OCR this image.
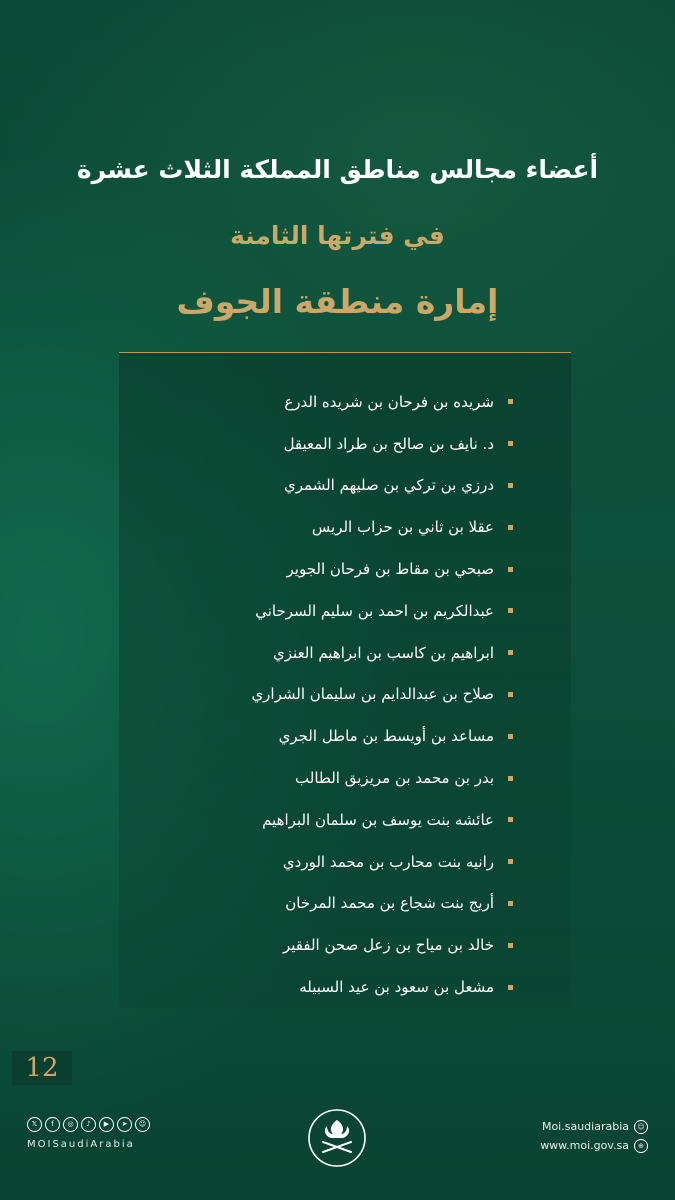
أعضاء مجالس مناطق المملكة الثلاث عشرة
في فترتها الثامنة
إمارة منطقة الجوف
شريده بن فرحان بن شريده الدرع
د. نايف بن صالح بن طراد المعيقل
درزي بن تركي بن صليهم الشمري
عقلا بن ثاني بن حزاب الريس
صبحي بن مقاط بن فرحان الجوير
عبدالكريم بن احمد بن سليم السرحاني
ابراهيم بن كاسب بن ابراهيم العنزي
صلاح بن عبدالدايم بن سليمان الشراري
مساعد بن أويسط بن ماطل الجري
بدر بن محمد بن مريزيق الطالب
عائشه بنت يوسف بن سلمان البراهيم
رانيه بنت محارب بن محمد الوردي
أريج بنت شجاع بن محمد المرخان
خالد بن مياح بن زعل صحن الفقير
مشعل بن سعود بن عيد السبيله
12
𝕏	f	◎	♪	▶	➤	☺
MOISaudiArabia
Moi.saudiarabia	☺
www.moi.gov.sa	⊕
